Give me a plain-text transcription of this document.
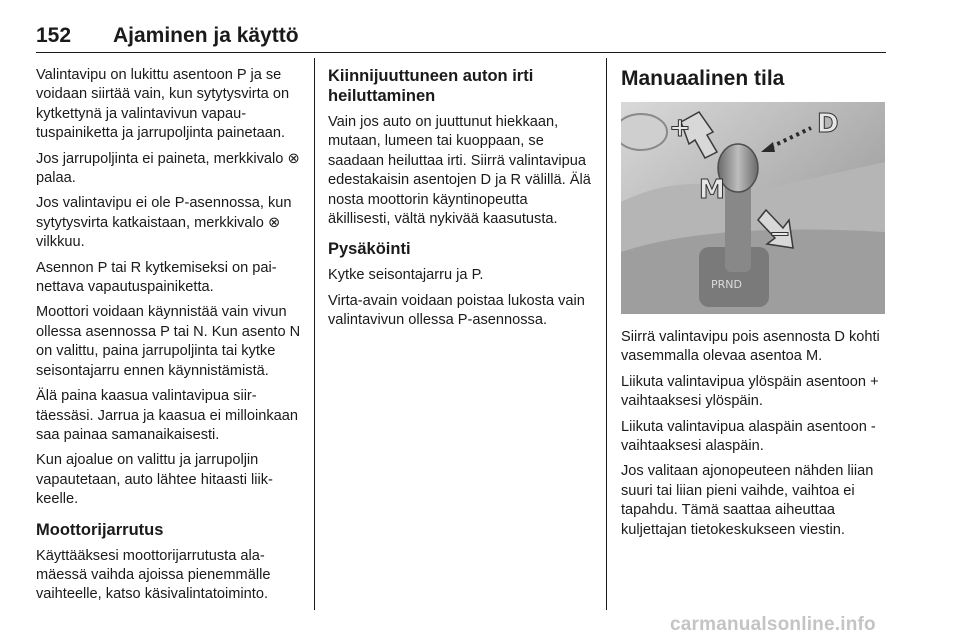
152 Ajaminen ja käyttö

Valintavipu on lukittu asentoon P ja se voidaan siirtää vain, kun sytytysvirta on kytkettynä ja valintavivun vapautuspainiketta ja jarrupoljinta painetaan.

Jos jarrupoljinta ei paineta, merkkivalo ⊗ palaa.

Jos valintavipu ei ole P-asennossa, kun sytytysvirta katkaistaan, merkkivalo ⊗ vilkkuu.

Asennon P tai R kytkemiseksi on painettava vapautuspainiketta.

Moottori voidaan käynnistää vain vivun ollessa asennossa P tai N. Kun asento N on valittu, paina jarrupoljinta tai kytke seisontajarru ennen käynnistämistä.

Älä paina kaasua valintavipua siirtäessäsi. Jarrua ja kaasua ei milloinkaan saa painaa samanaikaisesti.

Kun ajoalue on valittu ja jarrupoljin vapautetaan, auto lähtee hitaasti liikkeelle.

Moottorijarrutus

Käyttääksesi moottorijarrutusta alamäessä vaihda ajoissa pienemmälle vaihteelle, katso käsivalintatoiminto.

Kiinnijuuttuneen auton irti heiluttaminen

Vain jos auto on juuttunut hiekkaan, mutaan, lumeen tai kuoppaan, se saadaan heiluttaa irti. Siirrä valintavipua edestakaisin asentojen D ja R välillä. Älä nosta moottorin käyntinopeutta äkillisesti, vältä nykivää kaasutusta.

Pysäköinti

Kytke seisontajarru ja P.

Virta-avain voidaan poistaa lukosta vain valintavivun ollessa P-asennossa.

Manuaalinen tila
PRND
+	D
M
−

Siirrä valintavipu pois asennosta D kohti vasemmalla olevaa asentoa M.

Liikuta valintavipua ylöspäin asentoon + vaihtaaksesi ylöspäin.

Liikuta valintavipua alaspäin asentoon - vaihtaaksesi alaspäin.

Jos valitaan ajonopeuteen nähden liian suuri tai liian pieni vaihde, vaihtoa ei tapahdu. Tämä saattaa aiheuttaa kuljettajan tietokeskukseen viestin.

carmanualsonline.info
